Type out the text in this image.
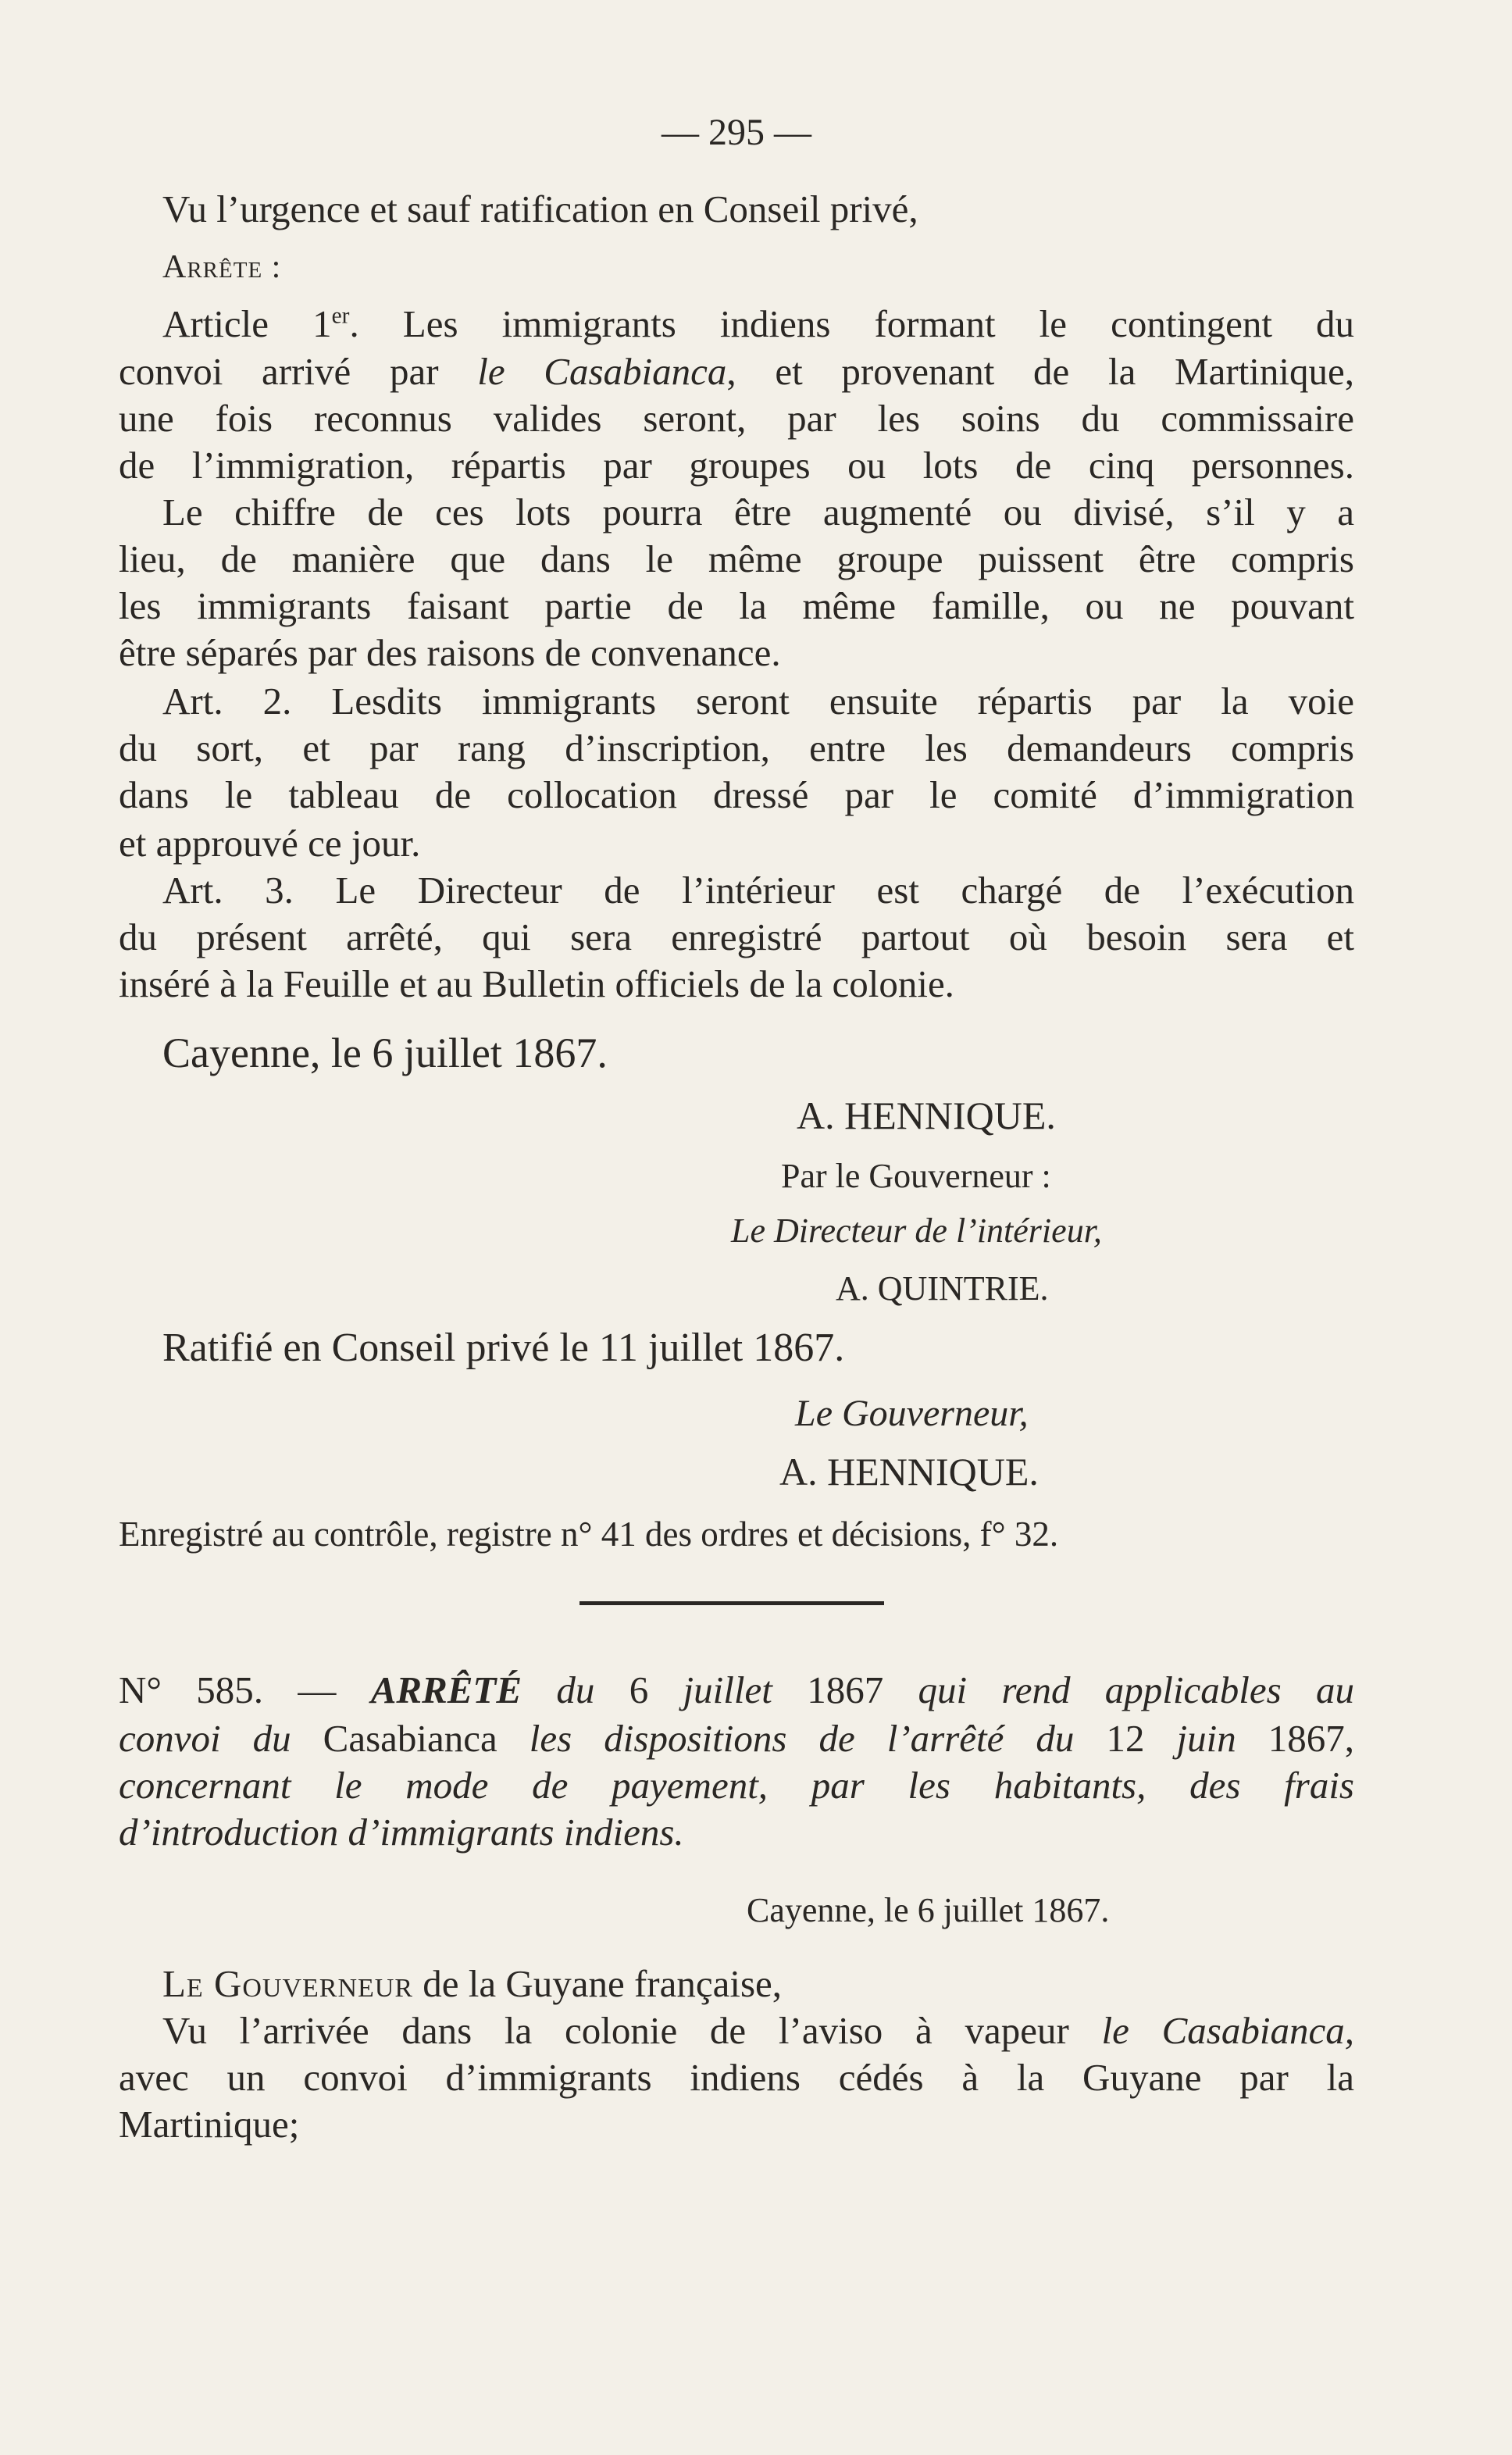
— 295 —
Vu l’urgence et sauf ratification en Conseil privé,
Arrête :
Article 1er. Les immigrants indiens formant le contingent du
convoi arrivé par le Casabianca, et provenant de la Martinique,
une fois reconnus valides seront, par les soins du commissaire
de l’immigration, répartis par groupes ou lots de cinq personnes.
Le chiffre de ces lots pourra être augmenté ou divisé, s’il y a
lieu, de manière que dans le même groupe puissent être compris
les immigrants faisant partie de la même famille, ou ne pouvant
être séparés par des raisons de convenance.
Art. 2. Lesdits immigrants seront ensuite répartis par la voie
du sort, et par rang d’inscription, entre les demandeurs compris
dans le tableau de collocation dressé par le comité d’immigration
et approuvé ce jour.
Art. 3. Le Directeur de l’intérieur est chargé de l’exécution
du présent arrêté, qui sera enregistré partout où besoin sera et
inséré à la Feuille et au Bulletin officiels de la colonie.
Cayenne, le 6 juillet 1867.
A. HENNIQUE.
Par le Gouverneur :
Le Directeur de l’intérieur,
A. QUINTRIE.
Ratifié en Conseil privé le 11 juillet 1867.
Le Gouverneur,
A. HENNIQUE.
Enregistré au contrôle, registre n° 41 des ordres et décisions, f° 32.
N° 585. — ARRÊTÉ du 6 juillet 1867 qui rend applicables au
convoi du Casabianca les dispositions de l’arrêté du 12 juin 1867,
concernant le mode de payement, par les habitants, des frais
d’introduction d’immigrants indiens.
Cayenne, le 6 juillet 1867.
Le Gouverneur de la Guyane française,
Vu l’arrivée dans la colonie de l’aviso à vapeur le Casabianca,
avec un convoi d’immigrants indiens cédés à la Guyane par la
Martinique;
